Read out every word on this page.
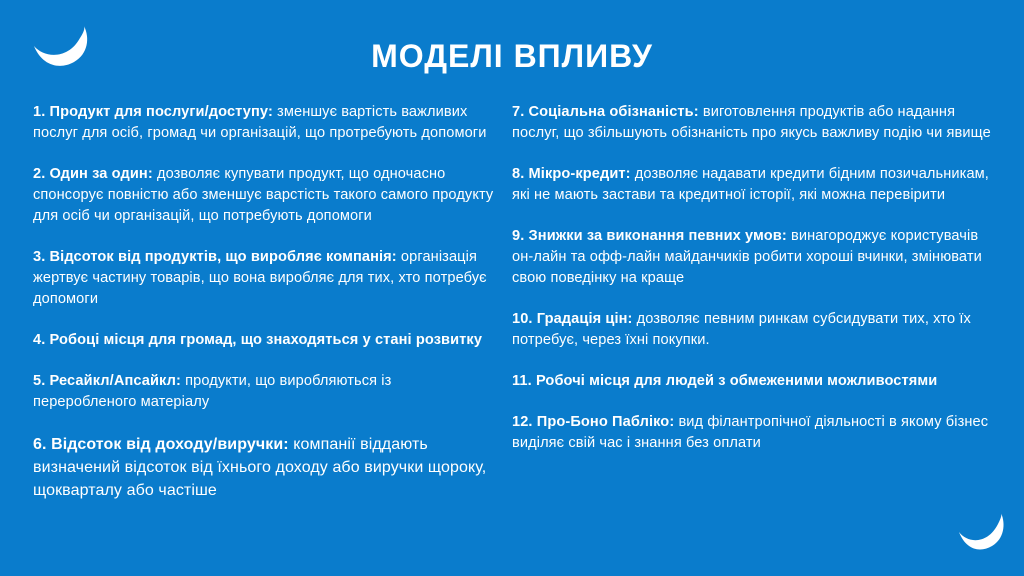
МОДЕЛІ ВПЛИВУ

1. Продукт для послуги/доступу: зменшує вартість важливих послуг для осіб, громад чи організацій, що протребують допомоги

2. Один за один: дозволяє купувати продукт, що одночасно спонсорує повністю або зменшує варстість такого самого продукту для осіб чи організацій, що потребують допомоги

3. Відсоток від продуктів, що виробляє компанія: організація жертвує частину товарів, що вона виробляє для тих, хто потребує допомоги

4. Робоці місця для громад, що знаходяться у стані розвитку

5. Ресайкл/Апсайкл: продукти, що виробляються із переробленого матеріалу

6. Відсоток від доходу/виручки: компанії віддають визначений відсоток від їхнього доходу або виручки щороку, щокварталу або частіше

7. Соціальна обізнаність: виготовлення продуктів або надання послуг, що збільшують обізнаність про якусь важливу подію чи явище

8. Мікро-кредит: дозволяє надавати кредити бідним позичальникам, які не мають застави та кредитної історії, які можна перевірити

9. Знижки за виконання певних умов: винагороджує користувачів он-лайн та офф-лайн майданчиків робити хороші вчинки, змінювати свою поведінку на краще

10. Градація цін: дозволяє певним ринкам субсидувати тих, хто їх потребує, через їхні покупки.

11. Робочі місця для людей з обмеженими можливостями

12. Про-Боно Пабліко: вид філантропічної діяльності в якому бізнес виділяє свій час і знання без оплати
